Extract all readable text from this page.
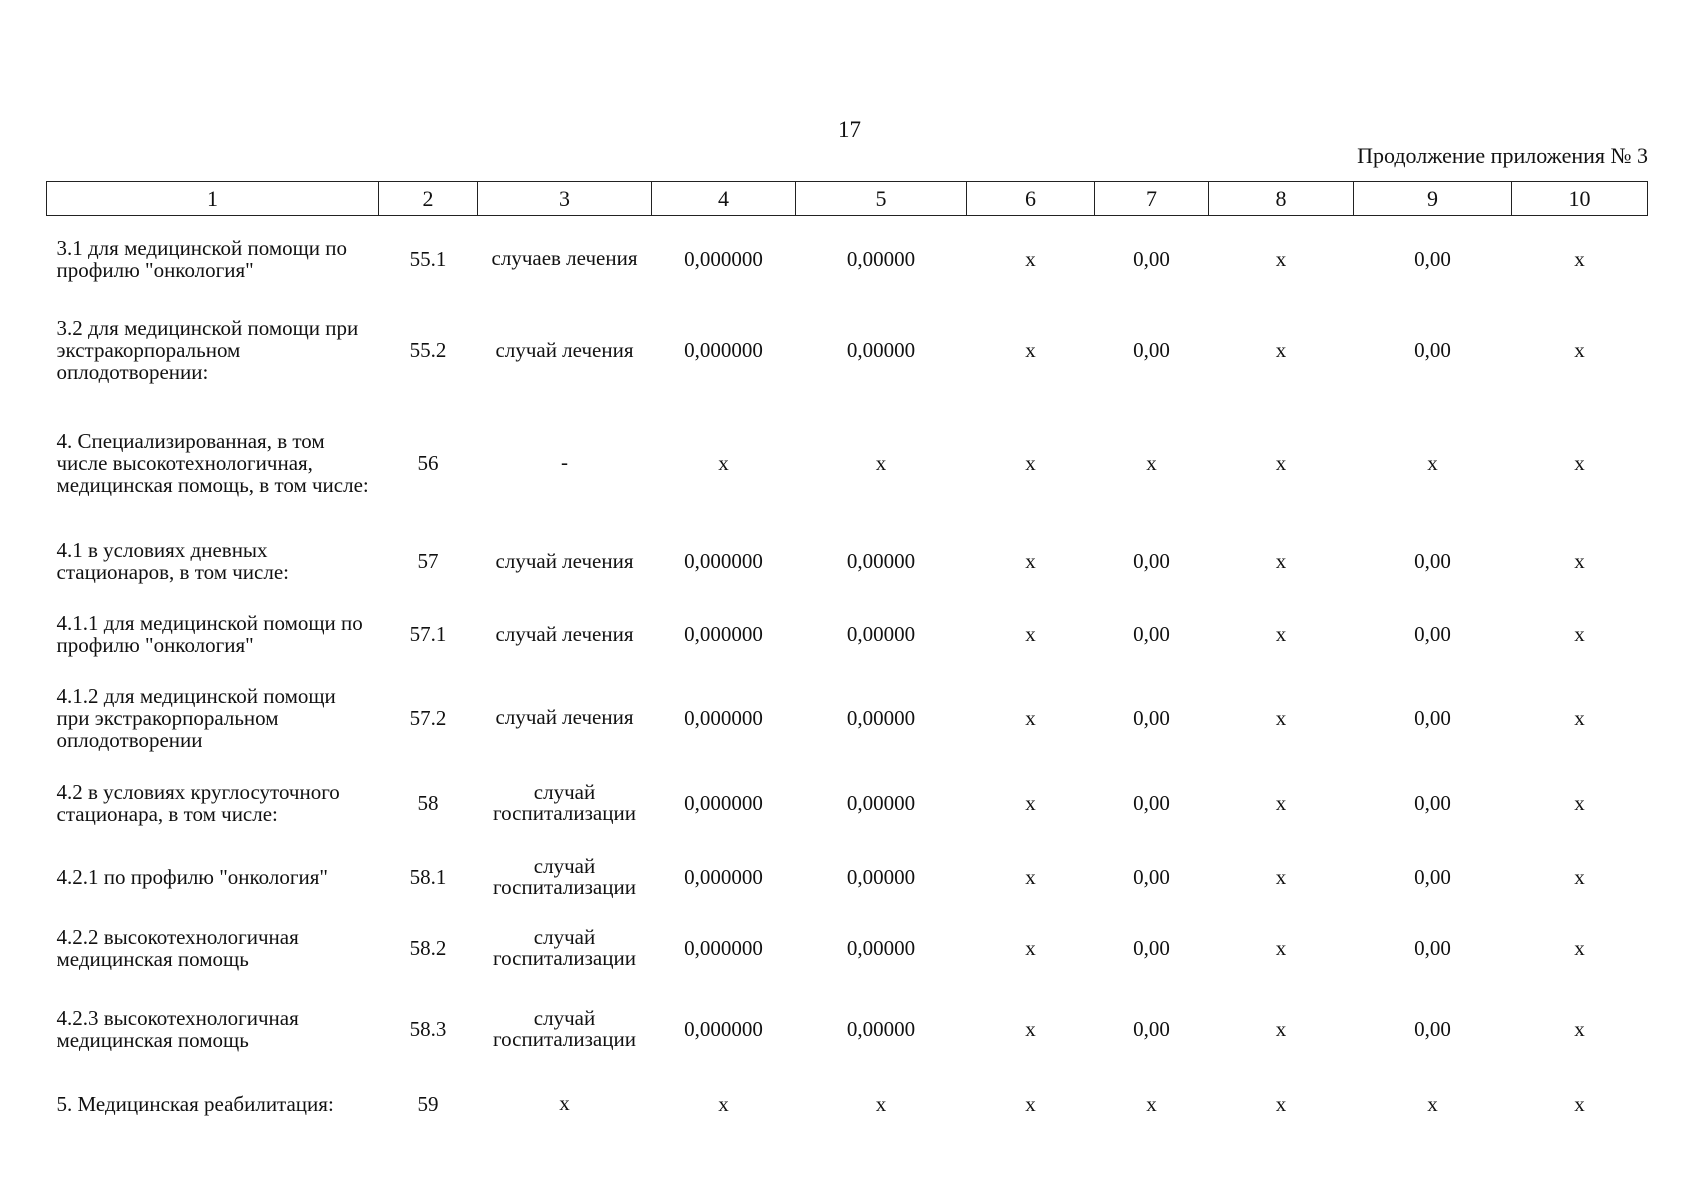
17
Продолжение приложения № 3
1	2	3	4	5	6	7	8	9	10
3.1 для медицинской помощи по профилю "онкология"	55.1	случаев лечения	0,000000	0,00000	х	0,00	х	0,00	х
3.2 для медицинской помощи при экстракорпоральном оплодотворении:	55.2	случай лечения	0,000000	0,00000	х	0,00	х	0,00	х
4. Специализированная, в том числе высокотехнологичная, медицинская помощь, в том числе:	56	-	х	х	х	х	х	х	х
4.1 в условиях дневных стационаров, в том числе:	57	случай лечения	0,000000	0,00000	х	0,00	х	0,00	х
4.1.1 для медицинской помощи по профилю "онкология"	57.1	случай лечения	0,000000	0,00000	х	0,00	х	0,00	х
4.1.2 для медицинской помощи при экстракорпоральном оплодотворении	57.2	случай лечения	0,000000	0,00000	х	0,00	х	0,00	х
4.2 в условиях круглосуточного стационара, в том числе:	58	случай госпитализации	0,000000	0,00000	х	0,00	х	0,00	х
4.2.1 по профилю "онкология"	58.1	случай госпитализации	0,000000	0,00000	х	0,00	х	0,00	х
4.2.2 высокотехнологичная медицинская помощь	58.2	случай госпитализации	0,000000	0,00000	х	0,00	х	0,00	х
4.2.3 высокотехнологичная медицинская помощь	58.3	случай госпитализации	0,000000	0,00000	х	0,00	х	0,00	х
5. Медицинская реабилитация:	59	х	х	х	х	х	х	х	х
